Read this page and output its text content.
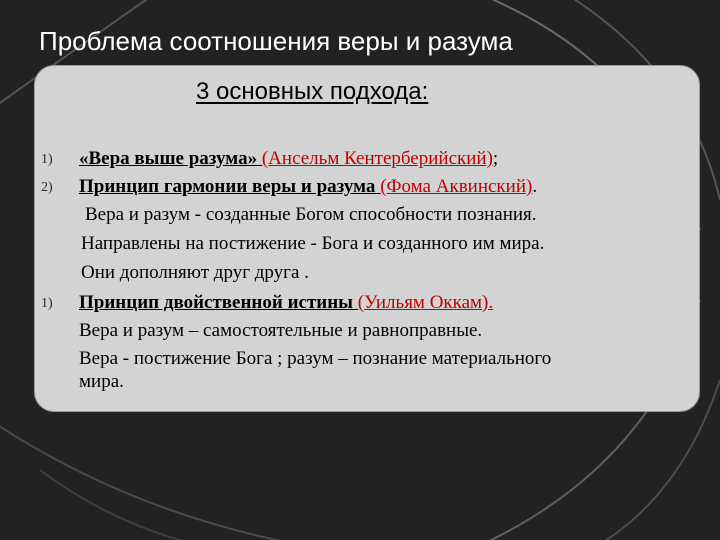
Проблема соотношения веры и разума
3 основных подхода:
1) «Вера выше разума» (Ансельм Кентерберийский);
2) Принцип гармонии веры и разума (Фома Аквинский).
Вера и разум - созданные Богом способности познания.
Направлены на постижение - Бога и созданного им мира.
Они дополняют друг друга .
1) Принцип двойственной истины (Уильям Оккам).
Вера и разум – самостоятельные и равноправные.
Вера - постижение Бога ; разум – познание материального
мира.
